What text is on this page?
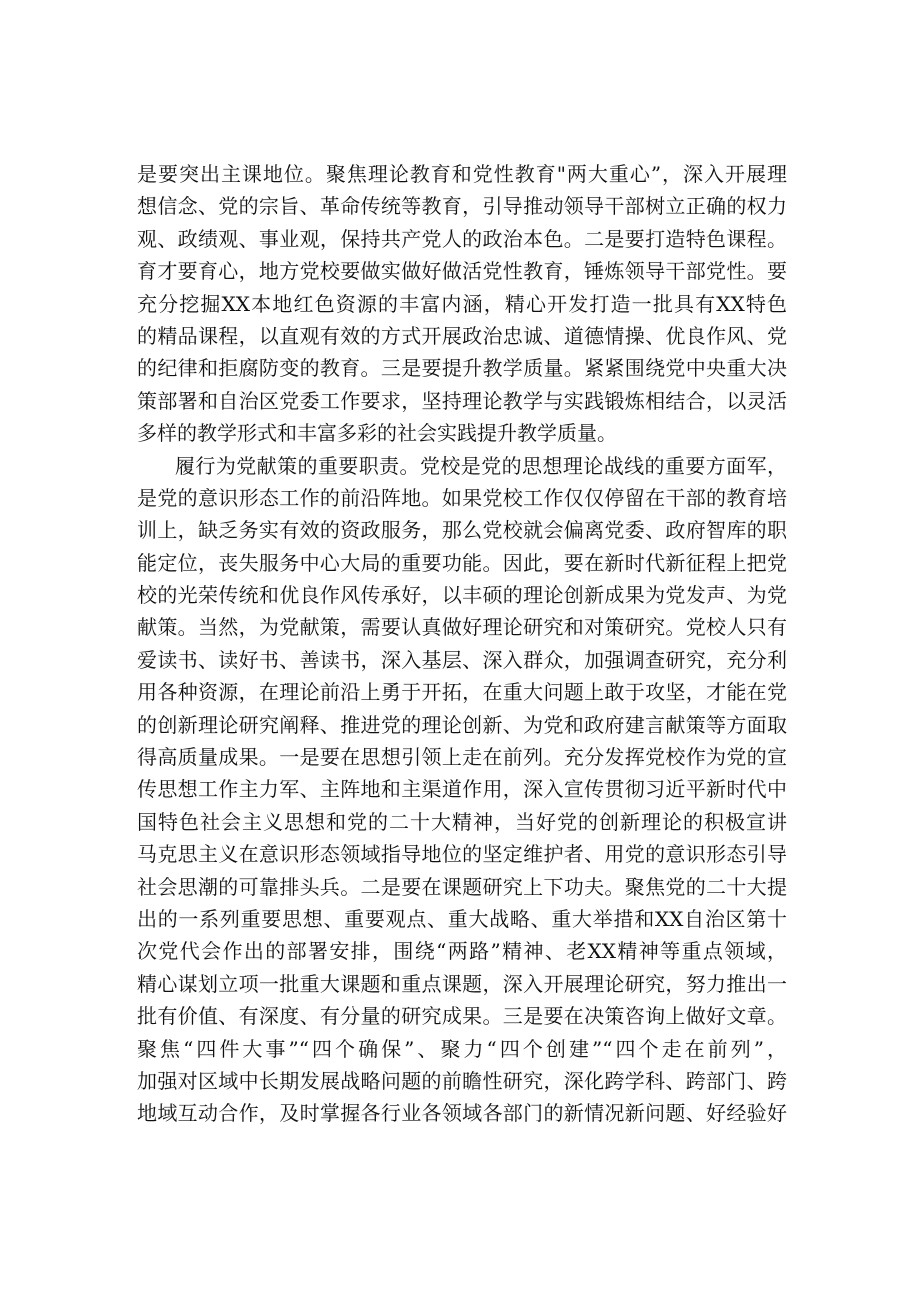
是要突出主课地位。聚焦理论教育和党性教育"两大重心”，深入开展理
想信念、党的宗旨、革命传统等教育，引导推动领导干部树立正确的权力
观、政绩观、事业观，保持共产党人的政治本色。二是要打造特色课程。
育才要育心，地方党校要做实做好做活党性教育，锤炼领导干部党性。要
充分挖掘XX本地红色资源的丰富内涵，精心开发打造一批具有XX特色
的精品课程，以直观有效的方式开展政治忠诚、道德情操、优良作风、党
的纪律和拒腐防变的教育。三是要提升教学质量。紧紧围绕党中央重大决
策部署和自治区党委工作要求，坚持理论教学与实践锻炼相结合，以灵活
多样的教学形式和丰富多彩的社会实践提升教学质量。
履行为党献策的重要职责。党校是党的思想理论战线的重要方面军，
是党的意识形态工作的前沿阵地。如果党校工作仅仅停留在干部的教育培
训上，缺乏务实有效的资政服务，那么党校就会偏离党委、政府智库的职
能定位，丧失服务中心大局的重要功能。因此，要在新时代新征程上把党
校的光荣传统和优良作风传承好，以丰硕的理论创新成果为党发声、为党
献策。当然，为党献策，需要认真做好理论研究和对策研究。党校人只有
爱读书、读好书、善读书，深入基层、深入群众，加强调查研究，充分利
用各种资源，在理论前沿上勇于开拓，在重大问题上敢于攻坚，才能在党
的创新理论研究阐释、推进党的理论创新、为党和政府建言献策等方面取
得高质量成果。一是要在思想引领上走在前列。充分发挥党校作为党的宣
传思想工作主力军、主阵地和主渠道作用，深入宣传贯彻习近平新时代中
国特色社会主义思想和党的二十大精神，当好党的创新理论的积极宣讲
马克思主义在意识形态领域指导地位的坚定维护者、用党的意识形态引导
社会思潮的可靠排头兵。二是要在课题研究上下功夫。聚焦党的二十大提
出的一系列重要思想、重要观点、重大战略、重大举措和XX自治区第十
次党代会作出的部署安排，围绕“两路”精神、老XX精神等重点领域，
精心谋划立项一批重大课题和重点课题，深入开展理论研究，努力推出一
批有价值、有深度、有分量的研究成果。三是要在决策咨询上做好文章。
聚焦“四件大事”“四个确保”、聚力“四个创建”“四个走在前列”，
加强对区域中长期发展战略问题的前瞻性研究，深化跨学科、跨部门、跨
地域互动合作，及时掌握各行业各领域各部门的新情况新问题、好经验好
